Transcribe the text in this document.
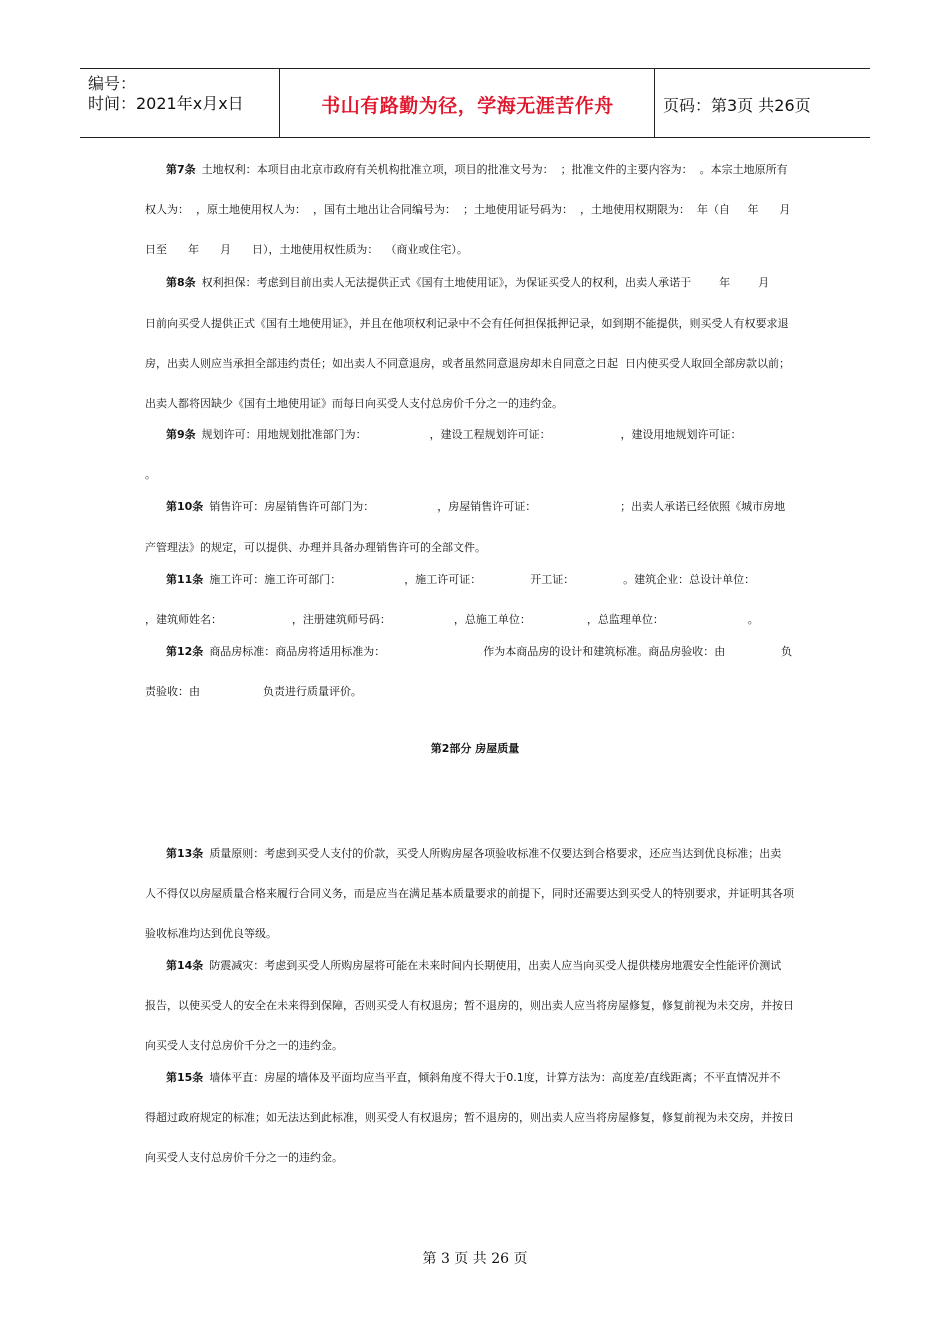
编号：
时间：2021年x月x日	书山有路勤为径，学海无涯苦作舟	页码：第3页 共26页
第7条 土地权利：本项目由北京市政府有关机构批准立项，项目的批准文号为：  ；批准文件的主要内容为：  。本宗土地原所有
权人为：  ，原土地使用权人为：  ，国有土地出让合同编号为：  ；土地使用证号码为：  ，土地使用权期限为：  年（自     年      月
日至      年      月      日），土地使用权性质为：  （商业或住宅）。
第8条 权利担保：考虑到目前出卖人无法提供正式《国有土地使用证》，为保证买受人的权利，出卖人承诺于        年        月
日前向买受人提供正式《国有土地使用证》，并且在他项权利记录中不会有任何担保抵押记录，如到期不能提供，则买受人有权要求退
房，出卖人则应当承担全部违约责任；如出卖人不同意退房，或者虽然同意退房却未自同意之日起  日内使买受人取回全部房款以前；
出卖人都将因缺少《国有土地使用证》而每日向买受人支付总房价千分之一的违约金。
第9条 规划许可：用地规划批准部门为：                  ，建设工程规划许可证：                    ，建设用地规划许可证：
。
第10条 销售许可：房屋销售许可部门为：                  ，房屋销售许可证：                        ；出卖人承诺已经依照《城市房地
产管理法》的规定，可以提供、办理并具备办理销售许可的全部文件。
第11条 施工许可：施工许可部门：                  ，施工许可证：              开工证：              。建筑企业：总设计单位：
，建筑师姓名：                    ，注册建筑师号码：                  ，总施工单位：                ，总监理单位：                        。
第12条 商品房标准：商品房将适用标准为：                            作为本商品房的设计和建筑标准。商品房验收：由                负
责验收：由                  负责进行质量评价。
第2部分 房屋质量
第13条 质量原则：考虑到买受人支付的价款，买受人所购房屋各项验收标准不仅要达到合格要求，还应当达到优良标准；出卖
人不得仅以房屋质量合格来履行合同义务，而是应当在满足基本质量要求的前提下，同时还需要达到买受人的特别要求，并证明其各项
验收标准均达到优良等级。
第14条 防震减灾：考虑到买受人所购房屋将可能在未来时间内长期使用，出卖人应当向买受人提供楼房地震安全性能评价测试
报告，以使买受人的安全在未来得到保障，否则买受人有权退房；暂不退房的，则出卖人应当将房屋修复，修复前视为未交房，并按日
向买受人支付总房价千分之一的违约金。
第15条 墙体平直：房屋的墙体及平面均应当平直，倾斜角度不得大于0.1度，计算方法为：高度差/直线距离；不平直情况并不
得超过政府规定的标准；如无法达到此标准，则买受人有权退房；暂不退房的，则出卖人应当将房屋修复，修复前视为未交房，并按日
向买受人支付总房价千分之一的违约金。
第 3 页 共 26 页
